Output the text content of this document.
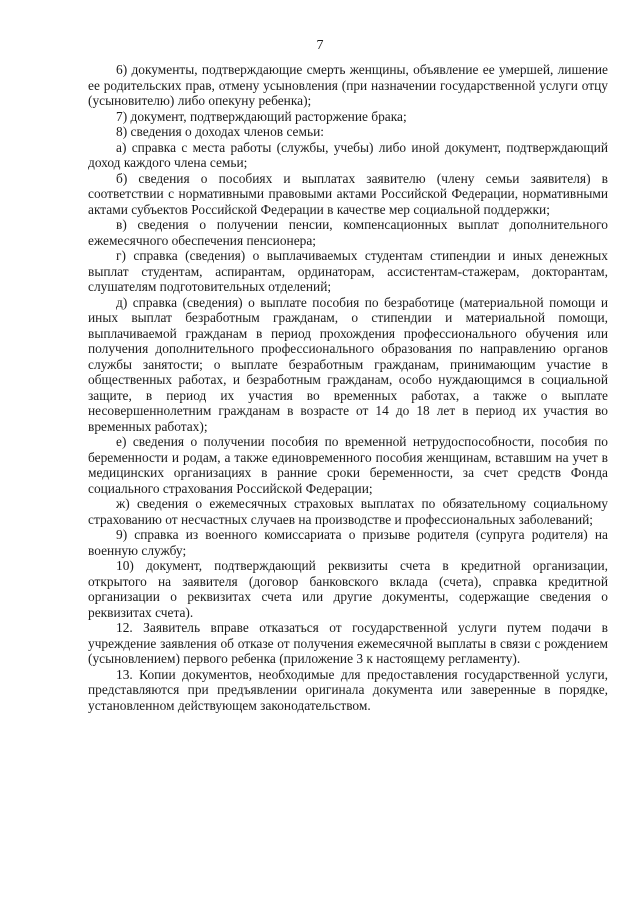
7

6) документы, подтверждающие смерть женщины, объявление ее умершей, лишение ее родительских прав, отмену усыновления (при назначении государственной услуги отцу (усыновителю) либо опекуну ребенка);

7) документ, подтверждающий расторжение брака;

8) сведения о доходах членов семьи:

а) справка с места работы (службы, учебы) либо иной документ, подтверждающий доход каждого члена семьи;

б) сведения о пособиях и выплатах заявителю (члену семьи заявителя) в соответствии с нормативными правовыми актами Российской Федерации, нормативными актами субъектов Российской Федерации в качестве мер социальной поддержки;

в) сведения о получении пенсии, компенсационных выплат дополнительного ежемесячного обеспечения пенсионера;

г) справка (сведения) о выплачиваемых студентам стипендии и иных денежных выплат студентам, аспирантам, ординаторам, ассистентам-стажерам, докторантам, слушателям подготовительных отделений;

д) справка (сведения) о выплате пособия по безработице (материальной помощи и иных выплат безработным гражданам, о стипендии и материальной помощи, выплачиваемой гражданам в период прохождения профессионального обучения или получения дополнительного профессионального образования по направлению органов службы занятости; о выплате безработным гражданам, принимающим участие в общественных работах, и безработным гражданам, особо нуждающимся в социальной защите, в период их участия во временных работах, а также о выплате несовершеннолетним гражданам в возрасте от 14 до 18 лет в период их участия во временных работах);

е) сведения о получении пособия по временной нетрудоспособности, пособия по беременности и родам, а также единовременного пособия женщинам, вставшим на учет в медицинских организациях в ранние сроки беременности, за счет средств Фонда социального страхования Российской Федерации;

ж) сведения о ежемесячных страховых выплатах по обязательному социальному страхованию от несчастных случаев на производстве и профессиональных заболеваний;

9) справка из военного комиссариата о призыве родителя (супруга родителя) на военную службу;

10) документ, подтверждающий реквизиты счета в кредитной организации, открытого на заявителя (договор банковского вклада (счета), справка кредитной организации о реквизитах счета или другие документы, содержащие сведения о реквизитах счета).

12. Заявитель вправе отказаться от государственной услуги путем подачи в учреждение заявления об отказе от получения ежемесячной выплаты в связи с рождением (усыновлением) первого ребенка (приложение 3 к настоящему регламенту).

13. Копии документов, необходимые для предоставления государственной услуги, представляются при предъявлении оригинала документа или заверенные в порядке, установленном действующем законодательством.
